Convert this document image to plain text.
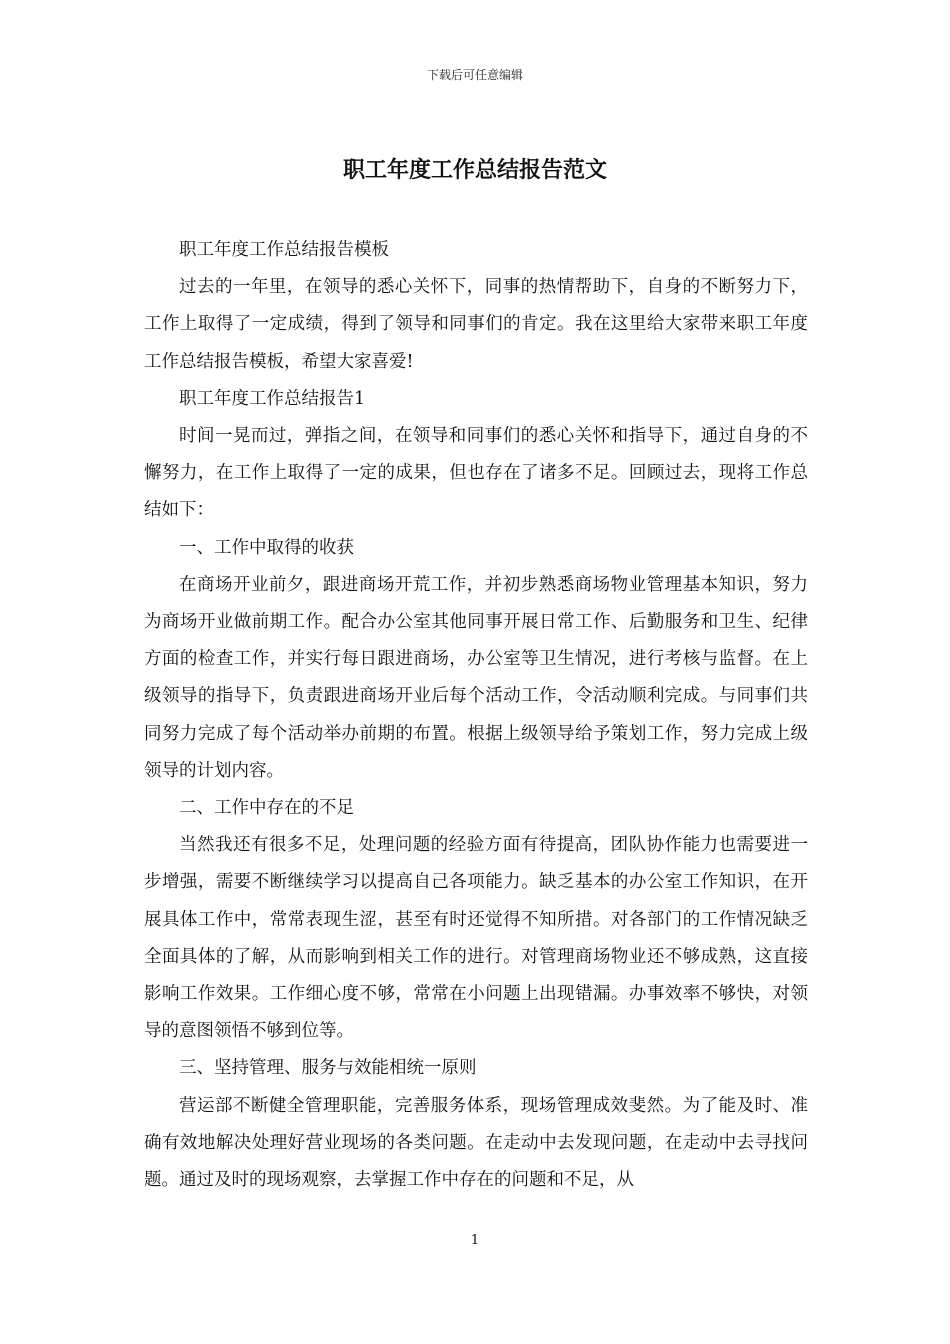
下载后可任意编辑
职工年度工作总结报告范文

职工年度工作总结报告模板

过去的一年里，在领导的悉心关怀下，同事的热情帮助下，自身的不断努力下，工作上取得了一定成绩，得到了领导和同事们的肯定。我在这里给大家带来职工年度工作总结报告模板，希望大家喜爱!

职工年度工作总结报告1

时间一晃而过，弹指之间，在领导和同事们的悉心关怀和指导下，通过自身的不懈努力，在工作上取得了一定的成果，但也存在了诸多不足。回顾过去，现将工作总结如下：

一、工作中取得的收获

在商场开业前夕，跟进商场开荒工作，并初步熟悉商场物业管理基本知识，努力为商场开业做前期工作。配合办公室其他同事开展日常工作、后勤服务和卫生、纪律方面的检查工作，并实行每日跟进商场，办公室等卫生情况，进行考核与监督。在上级领导的指导下，负责跟进商场开业后每个活动工作，令活动顺利完成。与同事们共同努力完成了每个活动举办前期的布置。根据上级领导给予策划工作，努力完成上级领导的计划内容。

二、工作中存在的不足

当然我还有很多不足，处理问题的经验方面有待提高，团队协作能力也需要进一步增强，需要不断继续学习以提高自己各项能力。缺乏基本的办公室工作知识，在开展具体工作中，常常表现生涩，甚至有时还觉得不知所措。对各部门的工作情况缺乏全面具体的了解，从而影响到相关工作的进行。对管理商场物业还不够成熟，这直接影响工作效果。工作细心度不够，常常在小问题上出现错漏。办事效率不够快，对领导的意图领悟不够到位等。

三、坚持管理、服务与效能相统一原则

营运部不断健全管理职能，完善服务体系，现场管理成效斐然。为了能及时、准确有效地解决处理好营业现场的各类问题。在走动中去发现问题，在走动中去寻找问题。通过及时的现场观察，去掌握工作中存在的问题和不足，从

1
